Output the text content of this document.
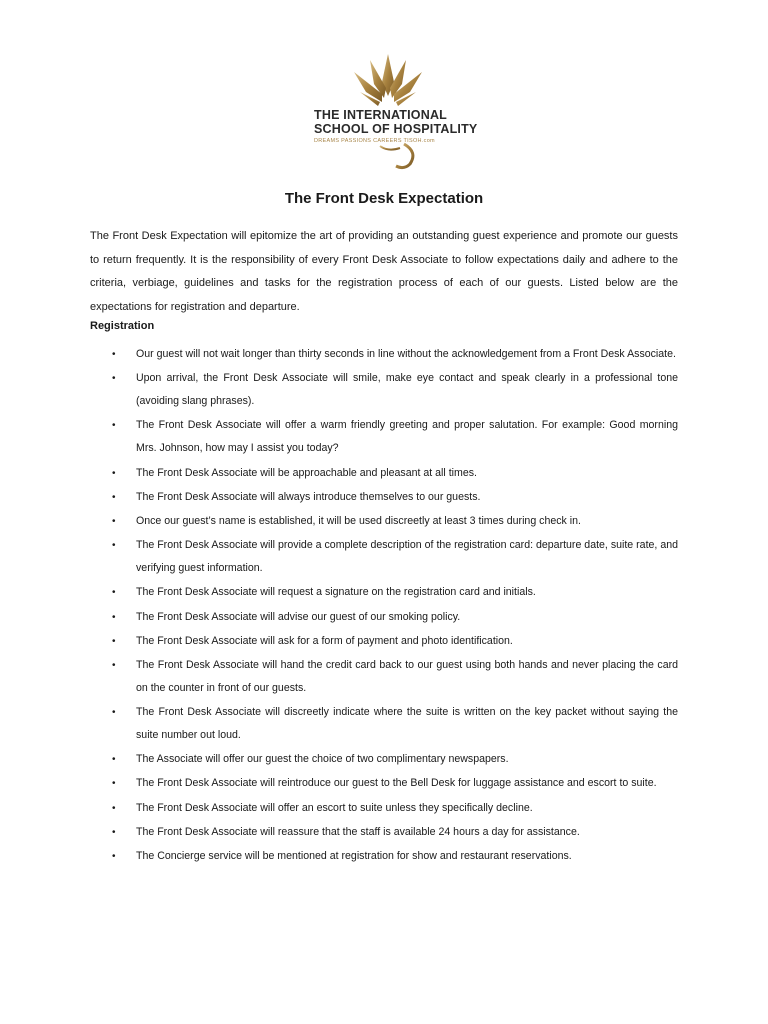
THE INTERNATIONAL
SCHOOL OF HOSPITALITY
DREAMS PASSIONS CAREERS TISOH.com
The Front Desk Expectation
The Front Desk Expectation will epitomize the art of providing an outstanding guest experience and promote our guests to return frequently. It is the responsibility of every Front Desk Associate to follow expectations daily and adhere to the criteria, verbiage, guidelines and tasks for the registration process of each of our guests. Listed below are the expectations for registration and departure.
Registration
• Our guest will not wait longer than thirty seconds in line without the acknowledgement from a Front Desk Associate.
• Upon arrival, the Front Desk Associate will smile, make eye contact and speak clearly in a professional tone (avoiding slang phrases).
• The Front Desk Associate will offer a warm friendly greeting and proper salutation. For example: Good morning Mrs. Johnson, how may I assist you today?
• The Front Desk Associate will be approachable and pleasant at all times.
• The Front Desk Associate will always introduce themselves to our guests.
• Once our guest’s name is established, it will be used discreetly at least 3 times during check in.
• The Front Desk Associate will provide a complete description of the registration card: departure date, suite rate, and verifying guest information.
• The Front Desk Associate will request a signature on the registration card and initials.
• The Front Desk Associate will advise our guest of our smoking policy.
• The Front Desk Associate will ask for a form of payment and photo identification.
• The Front Desk Associate will hand the credit card back to our guest using both hands and never placing the card on the counter in front of our guests.
• The Front Desk Associate will discreetly indicate where the suite is written on the key packet without saying the suite number out loud.
• The Associate will offer our guest the choice of two complimentary newspapers.
• The Front Desk Associate will reintroduce our guest to the Bell Desk for luggage assistance and escort to suite.
• The Front Desk Associate will offer an escort to suite unless they specifically decline.
• The Front Desk Associate will reassure that the staff is available 24 hours a day for assistance.
• The Concierge service will be mentioned at registration for show and restaurant reservations.
